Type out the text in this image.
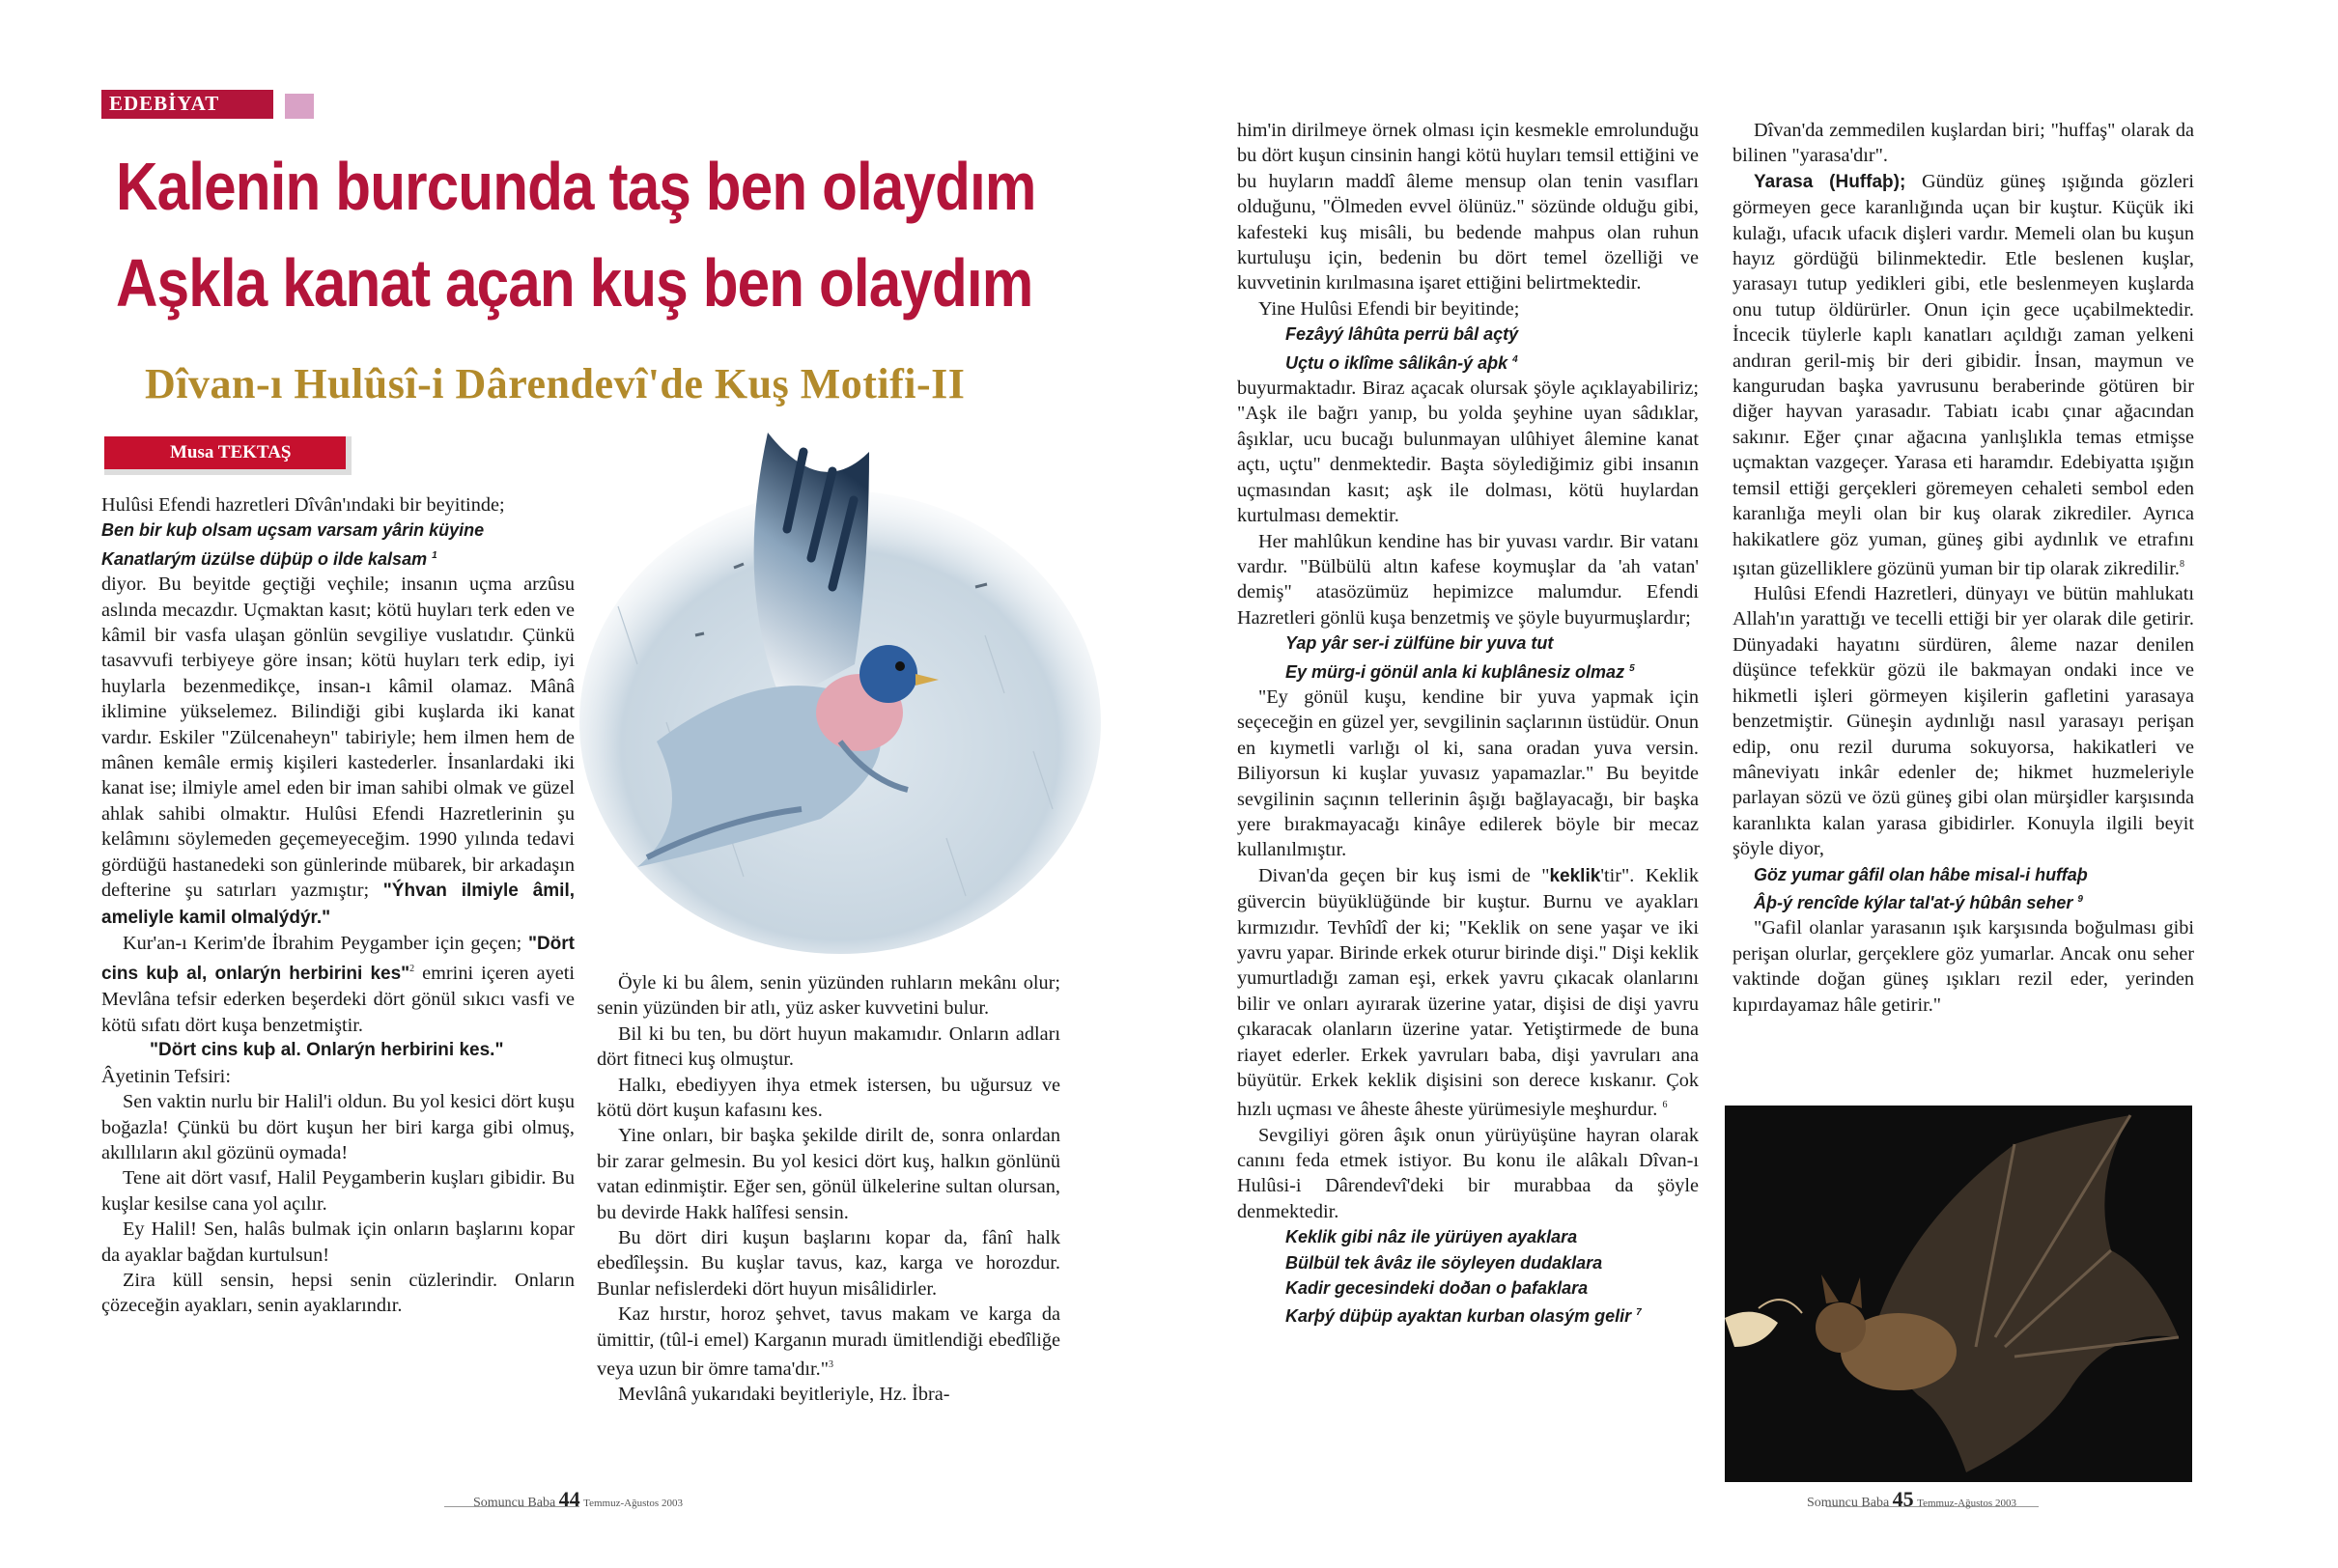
EDEBİYAT
Kalenin burcunda taş ben olaydım
Aşkla kanat açan kuş ben olaydım
Dîvan-ı Hulûsî-i Dârendevî'de Kuş Motifi-II
Musa TEKTAŞ

Hulûsi Efendi hazretleri Dîvân'ındaki bir beyitinde;

Ben bir kuþ olsam uçsam varsam yârin küyine

Kanatlarým üzülse düþüp o ilde kalsam $^1$

diyor. Bu beyitde geçtiği veçhile; insanın uçma arzûsu aslında mecazdır. Uçmaktan kasıt; kötü huyları terk eden ve kâmil bir vasfa ulaşan gönlün sevgiliye vuslatıdır. Çünkü tasavvufi terbiyeye göre insan; kötü huyları terk edip, iyi huylarla bezenmedikçe, insan-ı kâmil olamaz. Mânâ iklimine yükselemez. Bilindiği gibi kuşlarda iki kanat vardır. Eskiler "Zülcenaheyn" tabiriyle; hem ilmen hem de mânen kemâle ermiş kişileri kastederler. İnsanlardaki iki kanat ise; ilmiyle amel eden bir iman sahibi olmak ve güzel ahlak sahibi olmaktır. Hulûsi Efendi Hazretlerinin şu kelâmını söylemeden geçemeyeceğim. 1990 yılında tedavi gördüğü hastanedeki son günlerinde mübarek, bir arkadaşın defterine şu satırları yazmıştır; "Ýhvan ilmiyle âmil, ameliyle kamil olmalýdýr."

Kur'an-ı Kerim'de İbrahim Peygamber için geçen; "Dört cins kuþ al, onlarýn herbirini kes"$^2$ emrini içeren ayeti Mevlâna tefsir ederken beşerdeki dört gönül sıkıcı vasfi ve kötü sıfatı dört kuşa benzetmiştir.

"Dört cins kuþ al. Onlarýn herbirini kes."

Âyetinin Tefsiri:

Sen vaktin nurlu bir Halil'i oldun. Bu yol kesici dört kuşu boğazla! Çünkü bu dört kuşun her biri karga gibi olmuş, akıllıların akıl gözünü oymada!

Tene ait dört vasıf, Halil Peygamberin kuşları gibidir. Bu kuşlar kesilse cana yol açılır.

Ey Halil! Sen, halâs bulmak için onların başlarını kopar da ayaklar bağdan kurtulsun!

Zira küll sensin, hepsi senin cüzlerindir. Onların çözeceğin ayakları, senin ayaklarındır.

Öyle ki bu âlem, senin yüzünden ruhların mekânı olur; senin yüzünden bir atlı, yüz asker kuvvetini bulur.

Bil ki bu ten, bu dört huyun makamıdır. Onların adları dört fitneci kuş olmuştur.

Halkı, ebediyyen ihya etmek istersen, bu uğursuz ve kötü dört kuşun kafasını kes.

Yine onları, bir başka şekilde dirilt de, sonra onlardan bir zarar gelmesin. Bu yol kesici dört kuş, halkın gönlünü vatan edinmiştir. Eğer sen, gönül ülkelerine sultan olursan, bu devirde Hakk halîfesi sensin.

Bu dört diri kuşun başlarını kopar da, fânî halk ebedîleşsin. Bu kuşlar tavus, kaz, karga ve horozdur. Bunlar nefislerdeki dört huyun misâlidirler.

Kaz hırstır, horoz şehvet, tavus makam ve karga da ümittir, (tûl-i emel) Karganın muradı ümitlendiği ebedîliğe veya uzun bir ömre tama'dır."$^3$

Mevlânâ yukarıdaki beyitleriyle, Hz. İbra-

Somuncu Baba 44 Temmuz-Ağustos 2003

him'in dirilmeye örnek olması için kesmekle emrolunduğu bu dört kuşun cinsinin hangi kötü huyları temsil ettiğini ve bu huyların maddî âleme mensup olan tenin vasıfları olduğunu, "Ölmeden evvel ölünüz." sözünde olduğu gibi, kafesteki kuş misâli, bu bedende mahpus olan ruhun kurtuluşu için, bedenin bu dört temel özelliği ve kuvvetinin kırılmasına işaret ettiğini belirtmektedir.

Yine Hulûsi Efendi bir beyitinde;

Fezâyý lâhûta perrü bâl açtý

Uçtu o iklîme sâlikân-ý aþk $^4$

buyurmaktadır. Biraz açacak olursak şöyle açıklayabiliriz; "Aşk ile bağrı yanıp, bu yolda şeyhine uyan sâdıklar, âşıklar, ucu bucağı bulunmayan ulûhiyet âlemine kanat açtı, uçtu" denmektedir. Başta söylediğimiz gibi insanın uçmasından kasıt; aşk ile dolması, kötü huylardan kurtulması demektir.

Her mahlûkun kendine has bir yuvası vardır. Bir vatanı vardır. "Bülbülü altın kafese koymuşlar da 'ah vatan' demiş" atasözümüz hepimizce malumdur. Efendi Hazretleri gönlü kuşa benzetmiş ve şöyle buyurmuşlardır;

Yap yâr ser-i zülfüne bir yuva tut

Ey mürg-i gönül anla ki kuþlânesiz olmaz $^5$

"Ey gönül kuşu, kendine bir yuva yapmak için seçeceğin en güzel yer, sevgilinin saçlarının üstüdür. Onun en kıymetli varlığı ol ki, sana oradan yuva versin. Biliyorsun ki kuşlar yuvasız yapamazlar." Bu beyitde sevgilinin saçının tellerinin âşığı bağlayacağı, bir başka yere bırakmayacağı kinâye edilerek böyle bir mecaz kullanılmıştır.

Divan'da geçen bir kuş ismi de "keklik'tir". Keklik güvercin büyüklüğünde bir kuştur. Burnu ve ayakları kırmızıdır. Tevhîdî der ki; "Keklik on sene yaşar ve iki yavru yapar. Birinde erkek oturur birinde dişi." Dişi keklik yumurtladığı zaman eşi, erkek yavru çıkacak olanlarını bilir ve onları ayırarak üzerine yatar, dişisi de dişi yavru çıkaracak olanların üzerine yatar. Yetiştirmede de buna riayet ederler. Erkek yavruları baba, dişi yavruları ana büyütür. Erkek keklik dişisini son derece kıskanır. Çok hızlı uçması ve âheste âheste yürümesiyle meşhurdur. $^6$

Sevgiliyi gören âşık onun yürüyüşüne hayran olarak canını feda etmek istiyor. Bu konu ile alâkalı Dîvan-ı Hulûsi-i Dârendevî'deki bir murabbaa da şöyle denmektedir.

Keklik gibi nâz ile yürüyen ayaklara

Bülbül tek âvâz ile söyleyen dudaklara

Kadir gecesindeki doðan o þafaklara

Karþý düþüp ayaktan kurban olasým gelir $^7$

Dîvan'da zemmedilen kuşlardan biri; "huffaş" olarak da bilinen "yarasa'dır".

Yarasa (Huffaþ); Gündüz güneş ışığında gözleri görmeyen gece karanlığında uçan bir kuştur. Küçük iki kulağı, ufacık ufacık dişleri vardır. Memeli olan bu kuşun hayız gördüğü bilinmektedir. Etle beslenen kuşlar, yarasayı tutup yedikleri gibi, etle beslenmeyen kuşlarda onu tutup öldürürler. Onun için gece uçabilmektedir. İncecik tüylerle kaplı kanatları açıldığı zaman yelkeni andıran geril-miş bir deri gibidir. İnsan, maymun ve kangurudan başka yavrusunu beraberinde götüren bir diğer hayvan yarasadır. Tabiatı icabı çınar ağacından sakınır. Eğer çınar ağacına yanlışlıkla temas etmişse uçmaktan vazgeçer. Yarasa eti haramdır. Edebiyatta ışığın temsil ettiği gerçekleri göremeyen cehaleti sembol eden karanlığa meyli olan bir kuş olarak zikrediler. Ayrıca hakikatlere göz yuman, güneş gibi aydınlık ve etrafını ışıtan güzelliklere gözünü yuman bir tip olarak zikredilir.$^8$

Hulûsi Efendi Hazretleri, dünyayı ve bütün mahlukatı Allah'ın yarattığı ve tecelli ettiği bir yer olarak dile getirir. Dünyadaki hayatını sürdüren, âleme nazar denilen düşünce tefekkür gözü ile bakmayan ondaki ince ve hikmetli işleri görmeyen kişilerin gafletini yarasaya benzetmiştir. Güneşin aydınlığı nasıl yarasayı perişan edip, onu rezil duruma sokuyorsa, hakikatleri ve mâneviyatı inkâr edenler de; hikmet huzmeleriyle parlayan sözü ve özü güneş gibi olan mürşidler karşısında karanlıkta kalan yarasa gibidirler. Konuyla ilgili beyit şöyle diyor,

Göz yumar gâfil olan hâbe misal-i huffaþ

Âþ-ý rencîde kýlar tal'at-ý hûbân seher $^9$

"Gafil olanlar yarasanın ışık karşısında boğulması gibi perişan olurlar, gerçeklere göz yumarlar. Ancak onu seher vaktinde doğan güneş ışıkları rezil eder, yerinden kıpırdayamaz hâle getirir."

Somuncu Baba 45 Temmuz-Ağustos 2003
